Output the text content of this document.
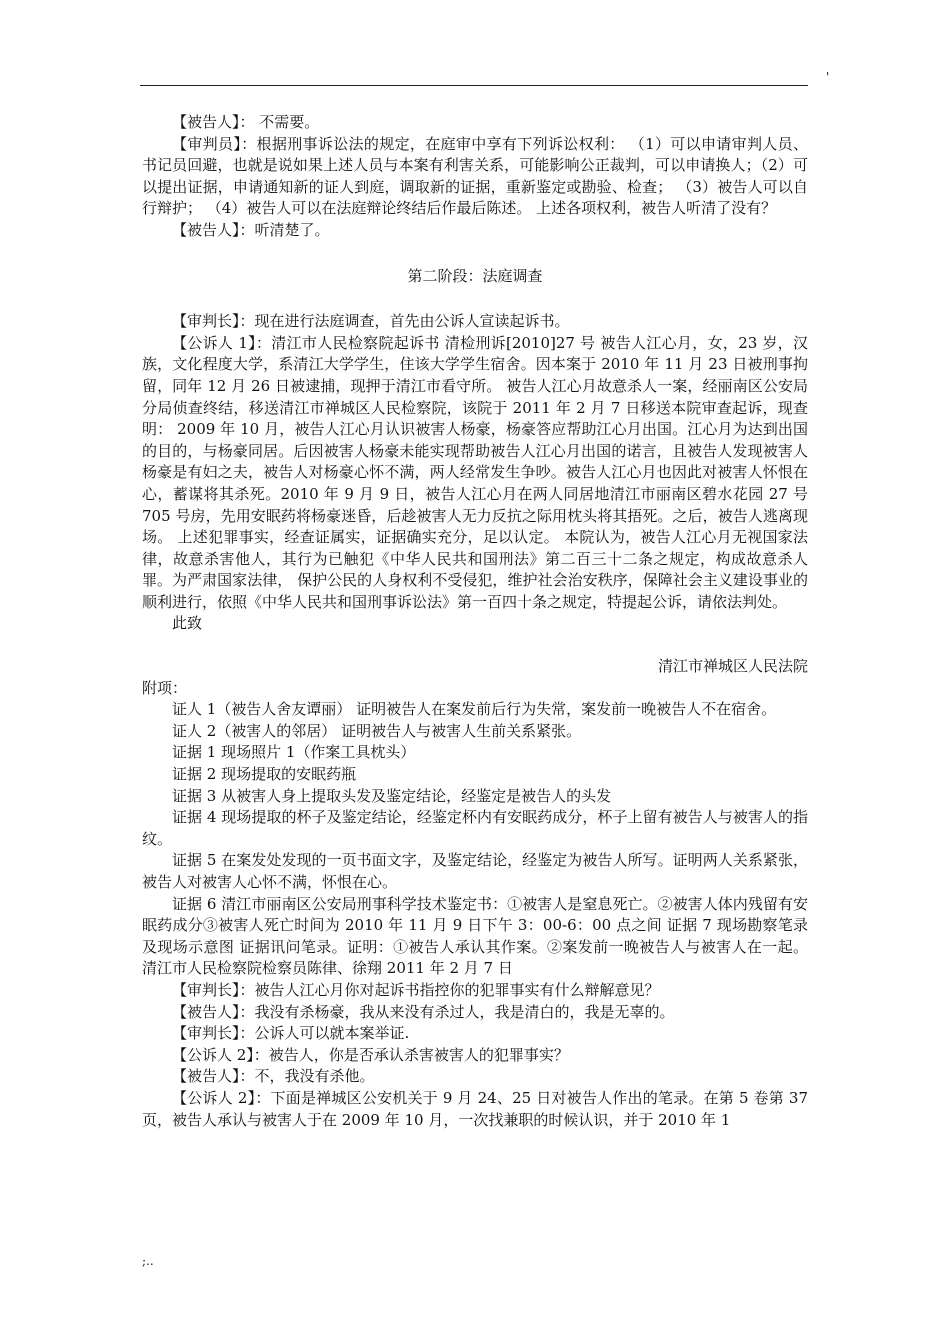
'

【被告人】： 不需要。

【审判员】：根据刑事诉讼法的规定，在庭审中享有下列诉讼权利： （1）可以申请审判人员、书记员回避，也就是说如果上述人员与本案有利害关系，可能影响公正裁判，可以申请换人；（2）可以提出证据，申请通知新的证人到庭，调取新的证据，重新鉴定或勘验、检查； （3）被告人可以自行辩护； （4）被告人可以在法庭辩论终结后作最后陈述。 上述各项权利，被告人听清了没有？

【被告人】：听清楚了。

第二阶段：法庭调查

【审判长】：现在进行法庭调查，首先由公诉人宣读起诉书。

【公诉人 1】：清江市人民检察院起诉书 清检刑诉[2010]27 号 被告人江心月，女，23 岁，汉族，文化程度大学，系清江大学学生，住该大学学生宿舍。因本案于 2010 年 11 月 23 日被刑事拘留，同年 12 月 26 日被逮捕，现押于清江市看守所。 被告人江心月故意杀人一案，经丽南区公安局分局侦查终结，移送清江市禅城区人民检察院，该院于 2011 年 2 月 7 日移送本院审查起诉，现查明： 2009 年 10 月，被告人江心月认识被害人杨豪，杨豪答应帮助江心月出国。江心月为达到出国的目的，与杨豪同居。后因被害人杨豪未能实现帮助被告人江心月出国的诺言，且被告人发现被害人杨豪是有妇之夫，被告人对杨豪心怀不满，两人经常发生争吵。被告人江心月也因此对被害人怀恨在心，蓄谋将其杀死。2010 年 9 月 9 日，被告人江心月在两人同居地清江市丽南区碧水花园 27 号 705 号房，先用安眠药将杨豪迷昏，后趁被害人无力反抗之际用枕头将其捂死。之后，被告人逃离现场。 上述犯罪事实，经查证属实，证据确实充分，足以认定。 本院认为，被告人江心月无视国家法律，故意杀害他人，其行为已触犯《中华人民共和国刑法》第二百三十二条之规定，构成故意杀人罪。为严肃国家法律， 保护公民的人身权利不受侵犯，维护社会治安秩序，保障社会主义建设事业的顺利进行，依照《中华人民共和国刑事诉讼法》第一百四十条之规定，特提起公诉，请依法判处。

此致

清江市禅城区人民法院

附项：

证人 1（被告人舍友谭丽） 证明被告人在案发前后行为失常，案发前一晚被告人不在宿舍。

证人 2（被害人的邻居） 证明被告人与被害人生前关系紧张。

证据 1 现场照片 1（作案工具枕头）

证据 2 现场提取的安眠药瓶

证据 3 从被害人身上提取头发及鉴定结论，经鉴定是被告人的头发

证据 4 现场提取的杯子及鉴定结论，经鉴定杯内有安眠药成分，杯子上留有被告人与被害人的指纹。

证据 5 在案发处发现的一页书面文字，及鉴定结论，经鉴定为被告人所写。证明两人关系紧张，被告人对被害人心怀不满，怀恨在心。

证据 6 清江市丽南区公安局刑事科学技术鉴定书：①被害人是窒息死亡。②被害人体内残留有安眠药成分③被害人死亡时间为 2010 年 11 月 9 日下午 3：00-6：00 点之间 证据 7 现场勘察笔录及现场示意图 证据讯问笔录。证明：①被告人承认其作案。②案发前一晚被告人与被害人在一起。 清江市人民检察院检察员陈律、徐翔 2011 年 2 月 7 日

【审判长】：被告人江心月你对起诉书指控你的犯罪事实有什么辩解意见？

【被告人】：我没有杀杨豪，我从来没有杀过人，我是清白的，我是无辜的。

【审判长】：公诉人可以就本案举证.

【公诉人 2】：被告人，你是否承认杀害被害人的犯罪事实？

【被告人】：不，我没有杀他。

【公诉人 2】：下面是禅城区公安机关于 9 月 24、25 日对被告人作出的笔录。在第 5 卷第 37 页，被告人承认与被害人于在 2009 年 10 月，一次找兼职的时候认识，并于 2010 年 1

;..
